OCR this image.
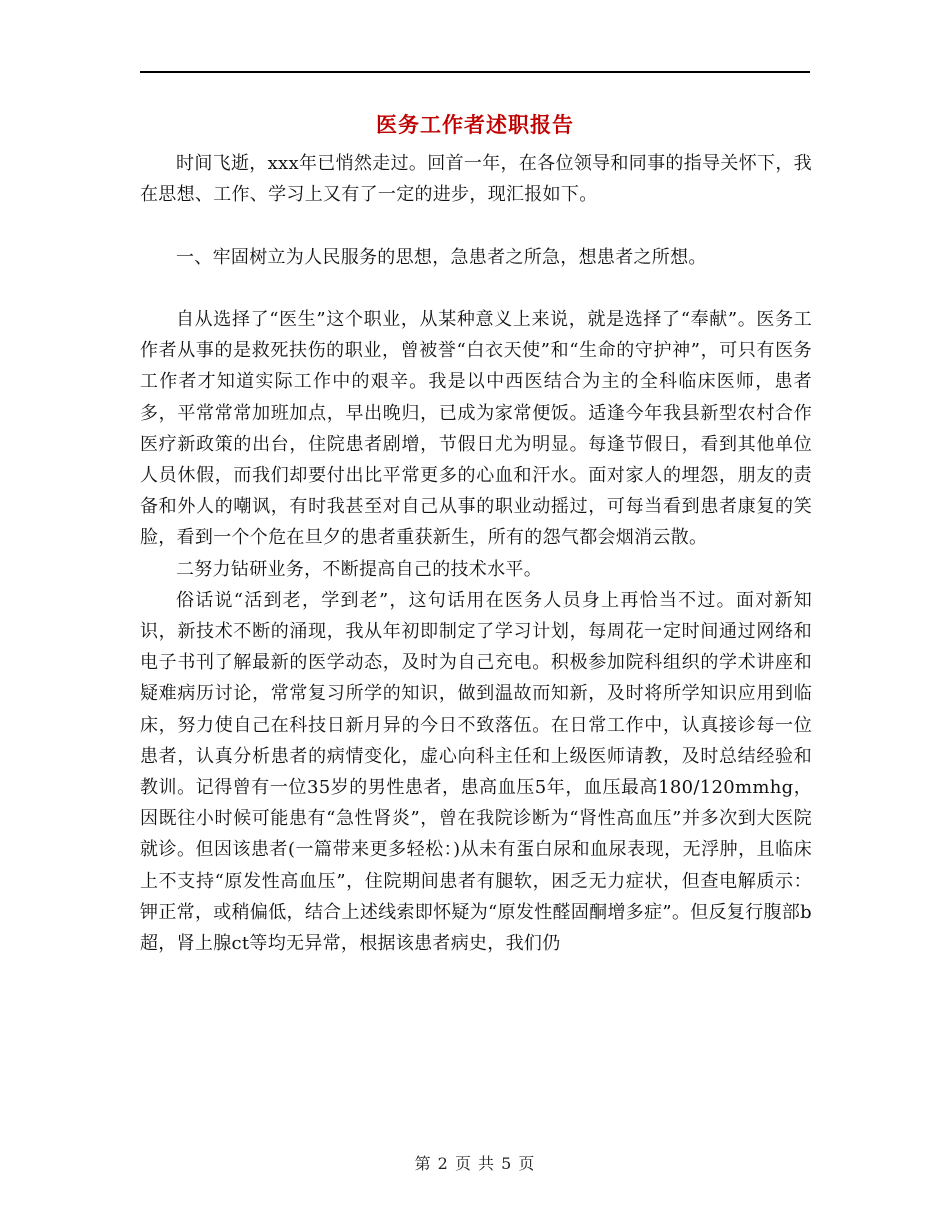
医务工作者述职报告

时间飞逝，xxx年已悄然走过。回首一年，在各位领导和同事的指导关怀下，我在思想、工作、学习上又有了一定的进步，现汇报如下。

一、牢固树立为人民服务的思想，急患者之所急，想患者之所想。

自从选择了“医生”这个职业，从某种意义上来说，就是选择了“奉献”。医务工作者从事的是救死扶伤的职业，曾被誉“白衣天使”和“生命的守护神”，可只有医务工作者才知道实际工作中的艰辛。我是以中西医结合为主的全科临床医师，患者多，平常常常加班加点，早出晚归，已成为家常便饭。适逢今年我县新型农村合作医疗新政策的出台，住院患者剧增，节假日尤为明显。每逢节假日，看到其他单位人员休假，而我们却要付出比平常更多的心血和汗水。面对家人的埋怨，朋友的责备和外人的嘲讽，有时我甚至对自己从事的职业动摇过，可每当看到患者康复的笑脸，看到一个个危在旦夕的患者重获新生，所有的怨气都会烟消云散。

二努力钻研业务，不断提高自己的技术水平。

俗话说“活到老，学到老”，这句话用在医务人员身上再恰当不过。面对新知识，新技术不断的涌现，我从年初即制定了学习计划，每周花一定时间通过网络和电子书刊了解最新的医学动态，及时为自己充电。积极参加院科组织的学术讲座和疑难病历讨论，常常复习所学的知识，做到温故而知新，及时将所学知识应用到临床，努力使自己在科技日新月异的今日不致落伍。在日常工作中，认真接诊每一位患者，认真分析患者的病情变化，虚心向科主任和上级医师请教，及时总结经验和教训。记得曾有一位35岁的男性患者，患高血压5年，血压最高180/120mmhg，因既往小时候可能患有“急性肾炎”，曾在我院诊断为“肾性高血压”并多次到大医院就诊。但因该患者(一篇带来更多轻松：)从未有蛋白尿和血尿表现，无浮肿，且临床上不支持“原发性高血压”，住院期间患者有腿软，困乏无力症状，但查电解质示：钾正常，或稍偏低，结合上述线索即怀疑为“原发性醛固酮增多症”。但反复行腹部b超，肾上腺ct等均无异常，根据该患者病史，我们仍

第 2 页 共 5 页
